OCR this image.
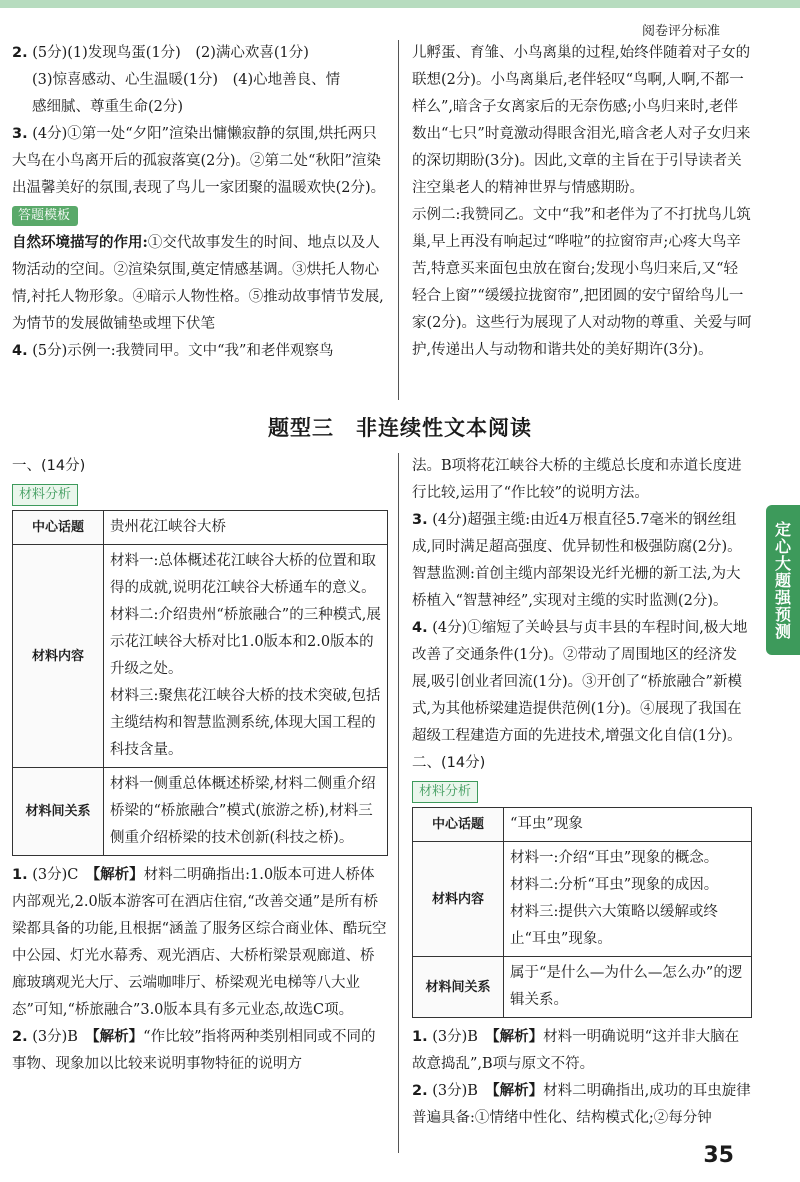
阅卷评分标准
定心大题强预测
2. (5分)(1)发现鸟蛋(1分)　(2)满心欢喜(1分)
(3)惊喜感动、心生温暖(1分)　(4)心地善良、情
感细腻、尊重生命(2分)
3. (4分)①第一处“夕阳”渲染出慵懒寂静的氛围,烘托两只大鸟在小鸟离开后的孤寂落寞(2分)。②第二处“秋阳”渲染出温馨美好的氛围,表现了鸟儿一家团聚的温暖欢快(2分)。
答题模板
自然环境描写的作用:①交代故事发生的时间、地点以及人物活动的空间。②渲染氛围,奠定情感基调。③烘托人物心情,衬托人物形象。④暗示人物性格。⑤推动故事情节发展,为情节的发展做铺垫或埋下伏笔
4. (5分)示例一:我赞同甲。文中“我”和老伴观察鸟

儿孵蛋、育雏、小鸟离巢的过程,始终伴随着对子女的联想(2分)。小鸟离巢后,老伴轻叹“鸟啊,人啊,不都一样么”,暗含子女离家后的无奈伤感;小鸟归来时,老伴数出“七只”时竟激动得眼含泪光,暗含老人对子女归来的深切期盼(3分)。因此,文章的主旨在于引导读者关注空巢老人的精神世界与情感期盼。

示例二:我赞同乙。文中“我”和老伴为了不打扰鸟儿筑巢,早上再没有响起过“哗啦”的拉窗帘声;心疼大鸟辛苦,特意买来面包虫放在窗台;发现小鸟归来后,又“轻轻合上窗”“缓缓拉拢窗帘”,把团圆的安宁留给鸟儿一家(2分)。这些行为展现了人对动物的尊重、关爱与呵护,传递出人与动物和谐共处的美好期许(3分)。

题型三　非连续性文本阅读
一、(14分)
材料分析
中心话题	贵州花江峡谷大桥
材料内容	材料一:总体概述花江峡谷大桥的位置和取得的成就,说明花江峡谷大桥通车的意义。
材料二:介绍贵州“桥旅融合”的三种模式,展示花江峡谷大桥对比1.0版本和2.0版本的升级之处。
材料三:聚焦花江峡谷大桥的技术突破,包括主缆结构和智慧监测系统,体现大国工程的科技含量。

材料间关系	材料一侧重总体概述桥梁,材料二侧重介绍桥梁的“桥旅融合”模式(旅游之桥),材料三侧重介绍桥梁的技术创新(科技之桥)。
1. (3分)C　【解析】材料二明确指出:1.0版本可进人桥体内部观光,2.0版本游客可在酒店住宿,“改善交通”是所有桥梁都具备的功能,且根据“涵盖了服务区综合商业体、酷玩空中公园、灯光水幕秀、观光酒店、大桥桁梁景观廊道、桥廊玻璃观光大厅、云端咖啡厅、桥梁观光电梯等八大业态”可知,“桥旅融合”3.0版本具有多元业态,故选C项。
2. (3分)B　【解析】“作比较”指将两种类别相同或不同的事物、现象加以比较来说明事物特征的说明方

法。B项将花江峡谷大桥的主缆总长度和赤道长度进行比较,运用了“作比较”的说明方法。

3. (4分)超强主缆:由近4万根直径5.7毫米的钢丝组成,同时满足超高强度、优异韧性和极强防腐(2分)。智慧监测:首创主缆内部架设光纤光栅的新工法,为大桥植入“智慧神经”,实现对主缆的实时监测(2分)。
4. (4分)①缩短了关岭县与贞丰县的车程时间,极大地改善了交通条件(1分)。②带动了周围地区的经济发展,吸引创业者回流(1分)。③开创了“桥旅融合”新模式,为其他桥梁建造提供范例(1分)。④展现了我国在超级工程建造方面的先进技术,增强文化自信(1分)。
二、(14分)
材料分析
中心话题	“耳虫”现象
材料内容	材料一:介绍“耳虫”现象的概念。
材料二:分析“耳虫”现象的成因。
材料三:提供六大策略以缓解或终止“耳虫”现象。

材料间关系	属于“是什么—为什么—怎么办”的逻辑关系。
1. (3分)B　【解析】材料一明确说明“这并非大脑在故意捣乱”,B项与原文不符。
2. (3分)B　【解析】材料二明确指出,成功的耳虫旋律普遍具备:①情绪中性化、结构模式化;②每分钟
35
